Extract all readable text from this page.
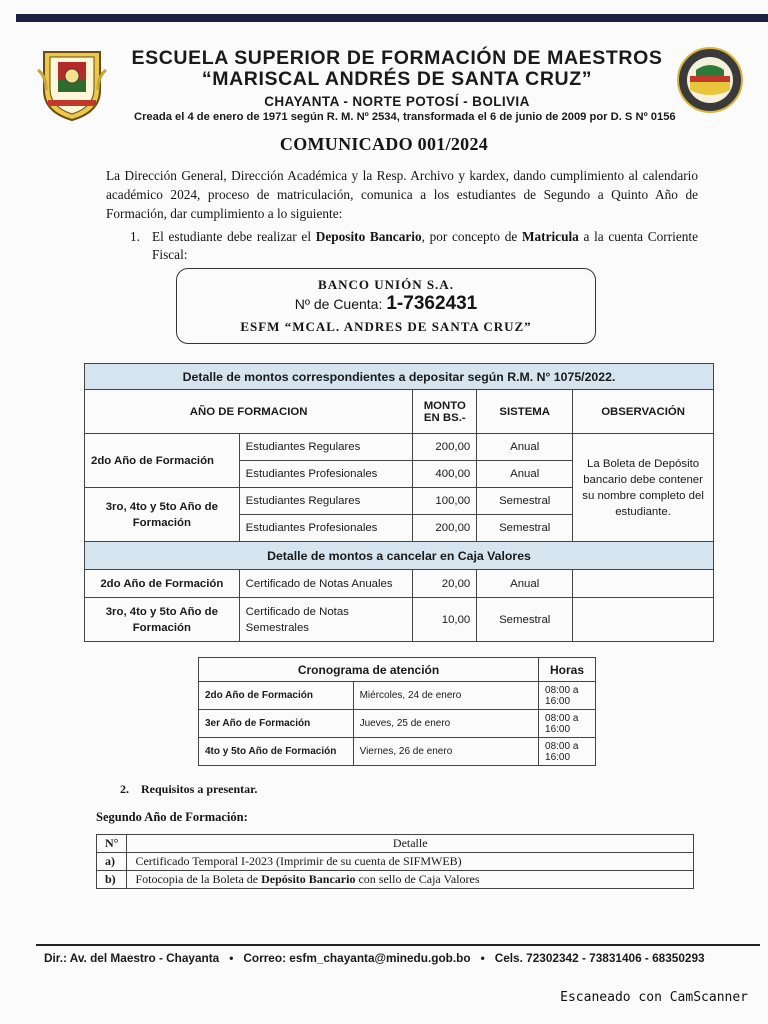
ESCUELA SUPERIOR DE FORMACIÓN DE MAESTROS
“MARISCAL ANDRÉS DE SANTA CRUZ”
CHAYANTA - NORTE POTOSÍ - BOLIVIA
Creada el 4 de enero de 1971 según R. M. Nº 2534, transformada el 6 de junio de 2009 por D. S Nº 0156
COMUNICADO 001/2024
La Dirección General, Dirección Académica y la Resp. Archivo y kardex, dando cumplimiento al calendario académico 2024, proceso de matriculación, comunica a los estudiantes de Segundo a Quinto Año de Formación, dar cumplimiento a lo siguiente:
1. El estudiante debe realizar el Deposito Bancario, por concepto de Matricula a la cuenta Corriente Fiscal:
BANCO UNIÓN S.A.
Nº de Cuenta: 1-7362431
ESFM “MCAL. ANDRES DE SANTA CRUZ”
Detalle de montos correspondientes a depositar según R.M. N° 1075/2022.				
AÑO DE FORMACION		MONTO EN BS.-	SISTEMA	OBSERVACIÓN
2do Año de Formación	Estudiantes Regulares	200,00	Anual	La Boleta de Depósito bancario debe contener su nombre completo del estudiante.
	Estudiantes Profesionales	400,00	Anual	
3ro, 4to y 5to Año de Formación	Estudiantes Regulares	100,00	Semestral	
	Estudiantes Profesionales	200,00	Semestral	
Detalle de montos a cancelar en Caja Valores				
2do Año de Formación	Certificado de Notas Anuales	20,00	Anual	
3ro, 4to y 5to Año de Formación	Certificado de Notas Semestrales	10,00	Semestral	
Cronograma de atención		Horas
2do Año de Formación	Miércoles, 24 de enero	08:00 a 16:00
3er Año de Formación	Jueves, 25 de enero	08:00 a 16:00
4to y 5to Año de Formación	Viernes, 26 de enero	08:00 a 16:00
2. Requisitos a presentar.
Segundo Año de Formación:
N°	Detalle
a)	Certificado Temporal I-2023 (Imprimir de su cuenta de SIFMWEB)
b)	Fotocopia de la Boleta de Depósito Bancario con sello de Caja Valores
Dir.: Av. del Maestro - Chayanta • Correo: esfm_chayanta@minedu.gob.bo • Cels. 72302342 - 73831406 - 68350293
Escaneado con CamScanner
